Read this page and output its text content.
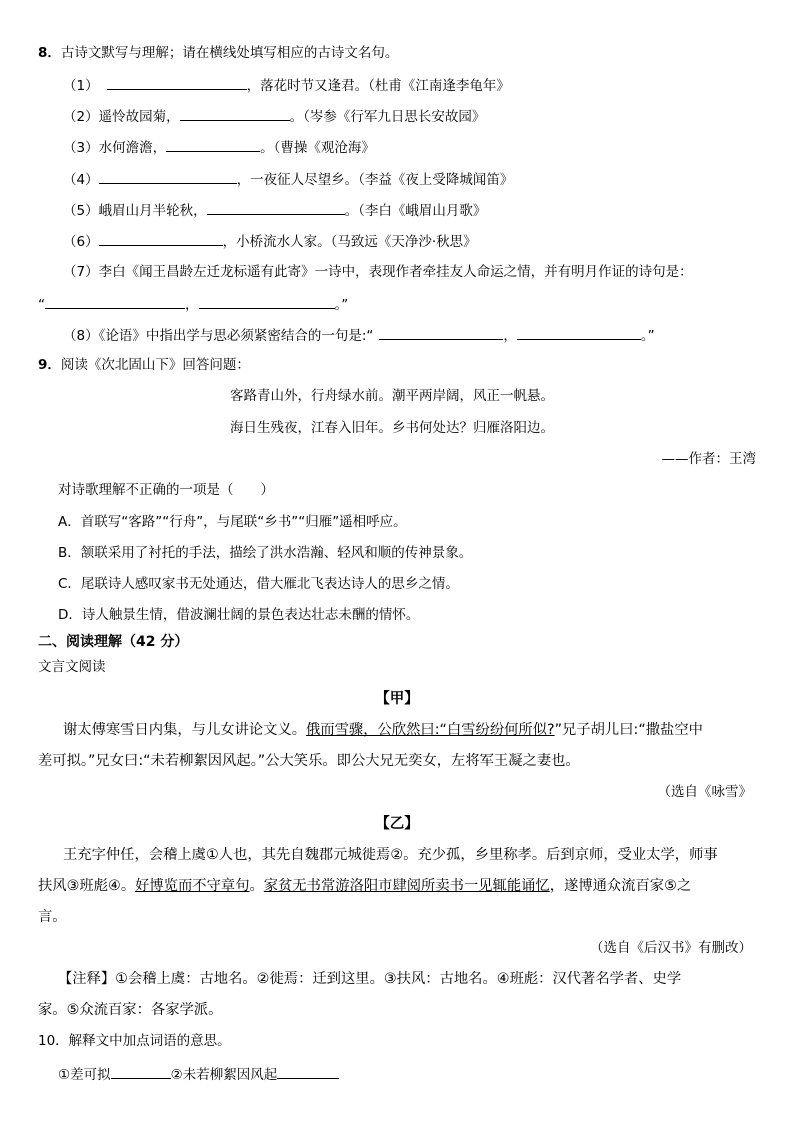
8．古诗文默写与理解；请在横线处填写相应的古诗文名句。
（1）	，落花时节又逢君。（杜甫《江南逢李龟年》
（2）遥怜故园菊，	。（岑参《行军九日思长安故园》
（3）水何澹澹，	。（曹操《观沧海》
（4）	，一夜征人尽望乡。（李益《夜上受降城闻笛》
（5）峨眉山月半轮秋，	。（李白《峨眉山月歌》
（6）	，小桥流水人家。（马致远《天净沙·秋思》
（7）李白《闻王昌龄左迁龙标遥有此寄》一诗中，表现作者牵挂友人命运之情，并有明月作证的诗句是：
“	，	。”
（8）《论语》中指出学与思必须紧密结合的一句是:“	，	。”
9．阅读《次北固山下》回答问题：
客路青山外，行舟绿水前。潮平两岸阔，风正一帆悬。
海日生残夜，江春入旧年。乡书何处达？归雁洛阳边。
——作者：王湾
对诗歌理解不正确的一项是（　　）
A．首联写“客路”“行舟”，与尾联“乡书”“归雁”遥相呼应。
B．颔联采用了衬托的手法，描绘了洪水浩瀚、轻风和顺的传神景象。
C．尾联诗人感叹家书无处通达，借大雁北飞表达诗人的思乡之情。
D．诗人触景生情，借波澜壮阔的景色表达壮志未酬的情怀。
二、阅读理解（42 分）
文言文阅读
【甲】
谢太傅寒雪日内集，与儿女讲论文义。俄而雪骤，公欣然曰:“白雪纷纷何所似?”兄子胡儿曰:“撒盐空中
差可拟。”兄女曰:“未若柳絮因风起。”公大笑乐。即公大兄无奕女，左将军王凝之妻也。
（选自《咏雪》
【乙】
王充字仲任，会稽上虞①人也，其先自魏郡元城徙焉②。充少孤，乡里称孝。后到京师，受业太学，师事
扶风③班彪④。好博览而不守章句。家贫无书常游洛阳市肆阅所卖书一见辄能诵忆，遂博通众流百家⑤之
言。
（选自《后汉书》有删改）
【注释】①会稽上虞：古地名。②徙焉：迁到这里。③扶风：古地名。④班彪：汉代著名学者、史学
家。⑤众流百家：各家学派。
10．解释文中加点词语的意思。
①差可拟	②未若柳絮因风起
